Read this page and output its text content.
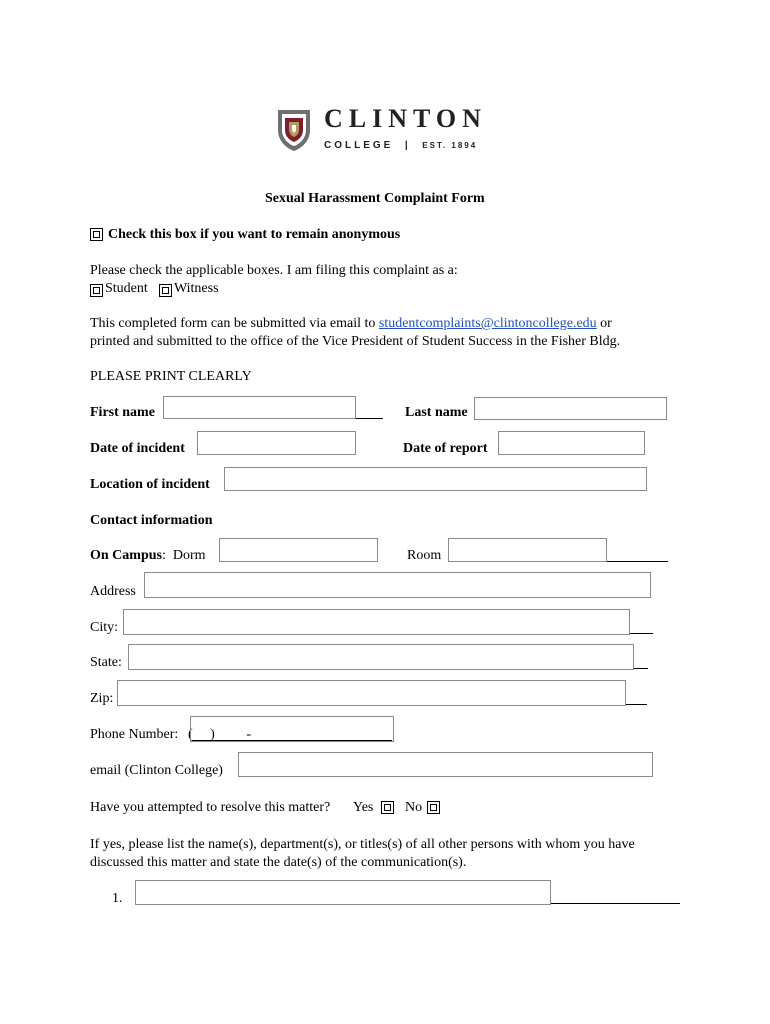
CLINTON
COLLEGE | EST. 1894
Sexual Harassment Complaint Form
Check this box if you want to remain anonymous
Please check the applicable boxes. I am filing this complaint as a:
Student Witness
This completed form can be submitted via email to studentcomplaints@clintoncollege.edu or
printed and submitted to the office of the Vice President of Student Success in the Fisher Bldg.
PLEASE PRINT CLEARLY
First name	Last name
Date of incident	Date of report
Location of incident
Contact information
On Campus: Dorm	Room
Address
City:
State:
Zip:
Phone Number: (     )         -
email (Clinton College)
Have you attempted to resolve this matter? Yes No
If yes, please list the name(s), department(s), or titles(s) of all other persons with whom you have
discussed this matter and state the date(s) of the communication(s).
1.
